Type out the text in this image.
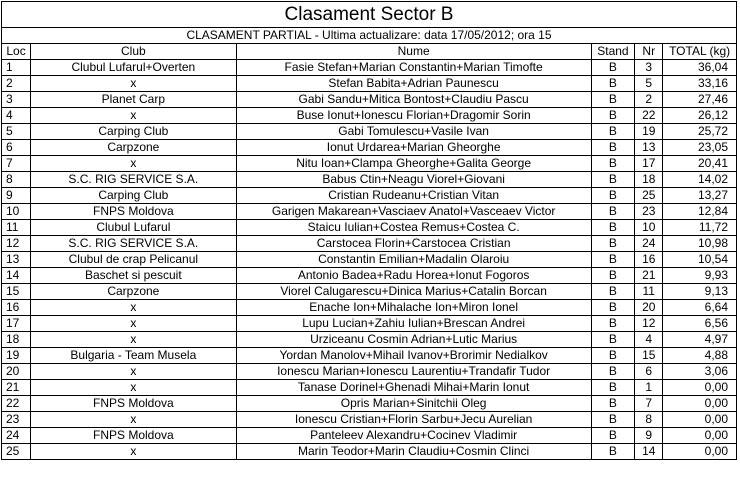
Clasament Sector B
CLASAMENT PARTIAL - Ultima actualizare: data 17/05/2012; ora 15
Loc	Club	Nume	Stand	Nr	TOTAL (kg)
1	Clubul Lufarul+Overten	Fasie Stefan+Marian Constantin+Marian Timofte	B	3	36,04
2	x	Stefan Babita+Adrian Paunescu	B	5	33,16
3	Planet Carp	Gabi Sandu+Mitica Bontost+Claudiu Pascu	B	2	27,46
4	x	Buse Ionut+Ionescu Florian+Dragomir Sorin	B	22	26,12
5	Carping Club	Gabi Tomulescu+Vasile Ivan	B	19	25,72
6	Carpzone	Ionut Urdarea+Marian Gheorghe	B	13	23,05
7	x	Nitu Ioan+Clampa Gheorghe+Galita George	B	17	20,41
8	S.C. RIG SERVICE S.A.	Babus Ctin+Neagu Viorel+Giovani	B	18	14,02
9	Carping Club	Cristian Rudeanu+Cristian Vitan	B	25	13,27
10	FNPS Moldova	Garigen Makarean+Vasciaev Anatol+Vasceaev Victor	B	23	12,84
11	Clubul Lufarul	Staicu Iulian+Costea Remus+Costea C.	B	10	11,72
12	S.C. RIG SERVICE S.A.	Carstocea Florin+Carstocea Cristian	B	24	10,98
13	Clubul de crap Pelicanul	Constantin Emilian+Madalin Olaroiu	B	16	10,54
14	Baschet si pescuit	Antonio Badea+Radu Horea+Ionut Fogoros	B	21	9,93
15	Carpzone	Viorel Calugarescu+Dinica Marius+Catalin Borcan	B	11	9,13
16	x	Enache Ion+Mihalache Ion+Miron Ionel	B	20	6,64
17	x	Lupu Lucian+Zahiu Iulian+Brescan Andrei	B	12	6,56
18	x	Urziceanu Cosmin Adrian+Lutic Marius	B	4	4,97
19	Bulgaria - Team Musela	Yordan Manolov+Mihail Ivanov+Brorimir Nedialkov	B	15	4,88
20	x	Ionescu Marian+Ionescu Laurentiu+Trandafir Tudor	B	6	3,06
21	x	Tanase Dorinel+Ghenadi Mihai+Marin Ionut	B	1	0,00
22	FNPS Moldova	Opris Marian+Sinitchii Oleg	B	7	0,00
23	x	Ionescu Cristian+Florin Sarbu+Jecu Aurelian	B	8	0,00
24	FNPS Moldova	Panteleev Alexandru+Cocinev Vladimir	B	9	0,00
25	x	Marin Teodor+Marin Claudiu+Cosmin Clinci	B	14	0,00
